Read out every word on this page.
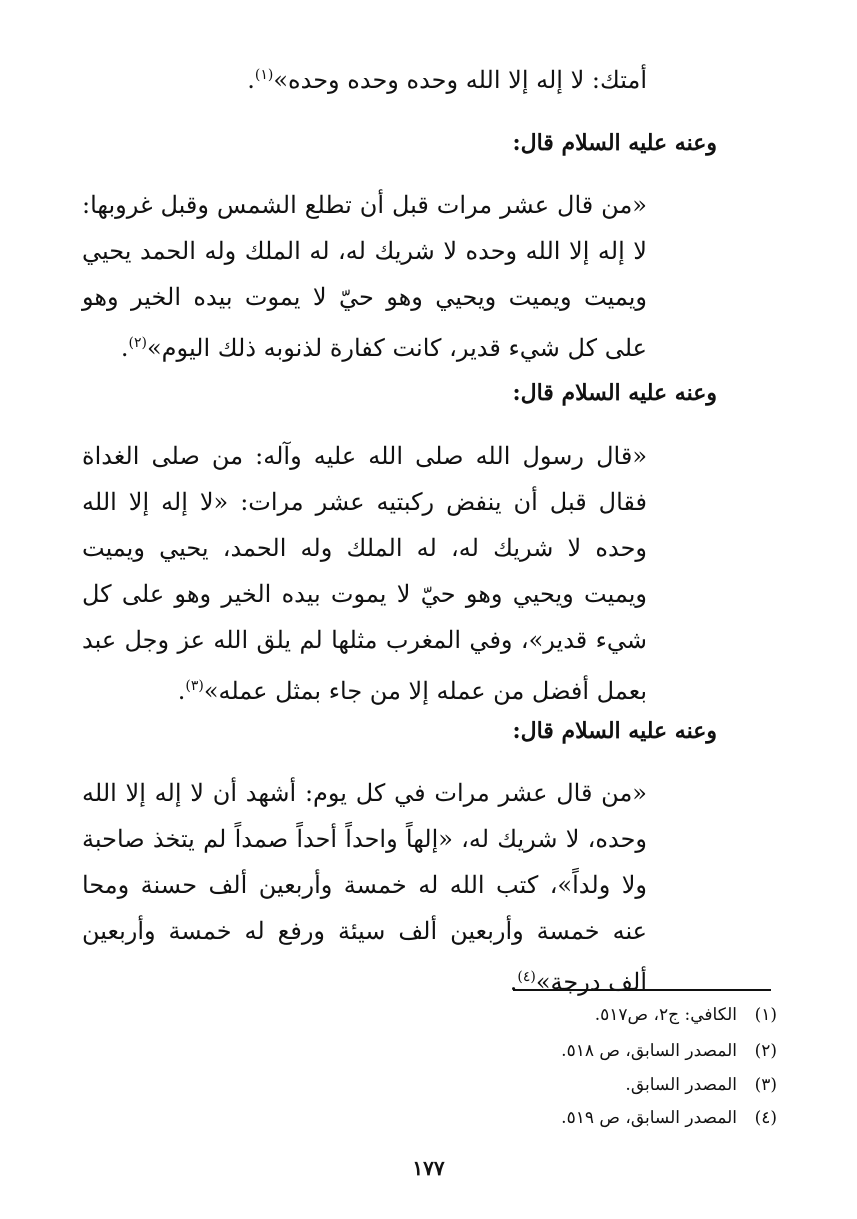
أمتك: لا إله إلا الله وحده وحده وحده»$^{(١)}$.
وعنه عليه السلام قال:
«من قال عشر مرات قبل أن تطلع الشمس وقبل غروبها: لا إله إلا الله وحده لا شريك له، له الملك وله الحمد يحيي ويميت ويميت ويحيي وهو حيّ لا يموت بيده الخير وهو على كل شيء قدير، كانت كفارة لذنوبه ذلك اليوم»$^{(٢)}$.
وعنه عليه السلام قال:
«قال رسول الله صلى الله عليه وآله: من صلى الغداة فقال قبل أن ينفض ركبتيه عشر مرات: «لا إله إلا الله وحده لا شريك له، له الملك وله الحمد، يحيي ويميت ويميت ويحيي وهو حيّ لا يموت بيده الخير وهو على كل شيء قدير»، وفي المغرب مثلها لم يلق الله عز وجل عبد بعمل أفضل من عمله إلا من جاء بمثل عمله»$^{(٣)}$.
وعنه عليه السلام قال:
«من قال عشر مرات في كل يوم: أشهد أن لا إله إلا الله وحده، لا شريك له، «إلهاً واحداً أحداً صمداً لم يتخذ صاحبة ولا ولداً»، كتب الله له خمسة وأربعين ألف حسنة ومحا عنه خمسة وأربعين ألف سيئة ورفع له خمسة وأربعين ألف درجة»$^{(٤)}$.
(١)الكافي: ج٢، ص٥١٧.
(٢)المصدر السابق، ص ٥١٨.
(٣)المصدر السابق.
(٤)المصدر السابق، ص ٥١٩.
١٧٧
